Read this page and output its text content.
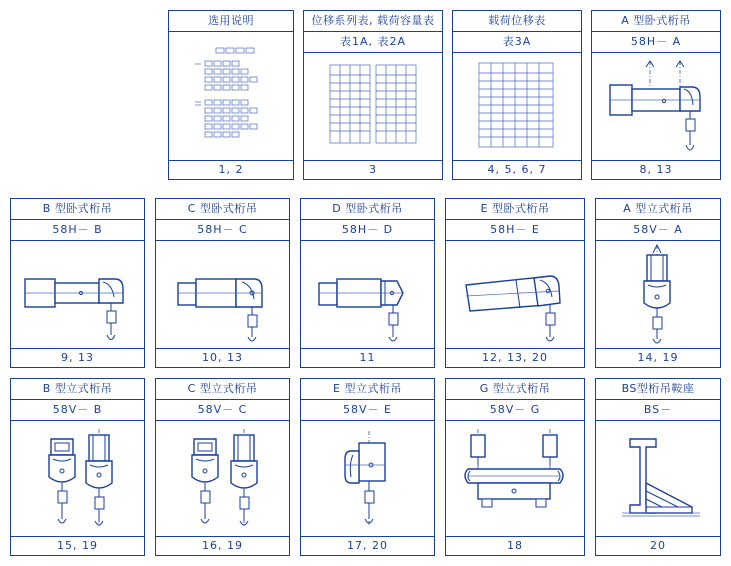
选用说明
1, 2
位移系列表, 载荷容量表
表1A, 表2A
3
载荷位移表
表3A
4, 5, 6, 7
A 型卧式桁吊
58H－ A
8, 13
B 型卧式桁吊
58H－ B
9, 13
C 型卧式桁吊
58H－ C
10, 13
D 型卧式桁吊
58H－ D
11
E 型卧式桁吊
58H－ E
12, 13, 20
A 型立式桁吊
58V－ A
14, 19
B 型立式桁吊
58V－ B
15, 19
C 型立式桁吊
58V－ C
16, 19
E 型立式桁吊
58V－ E
17, 20
G 型立式桁吊
58V－ G
18
BS型桁吊鞍座
BS－
20
